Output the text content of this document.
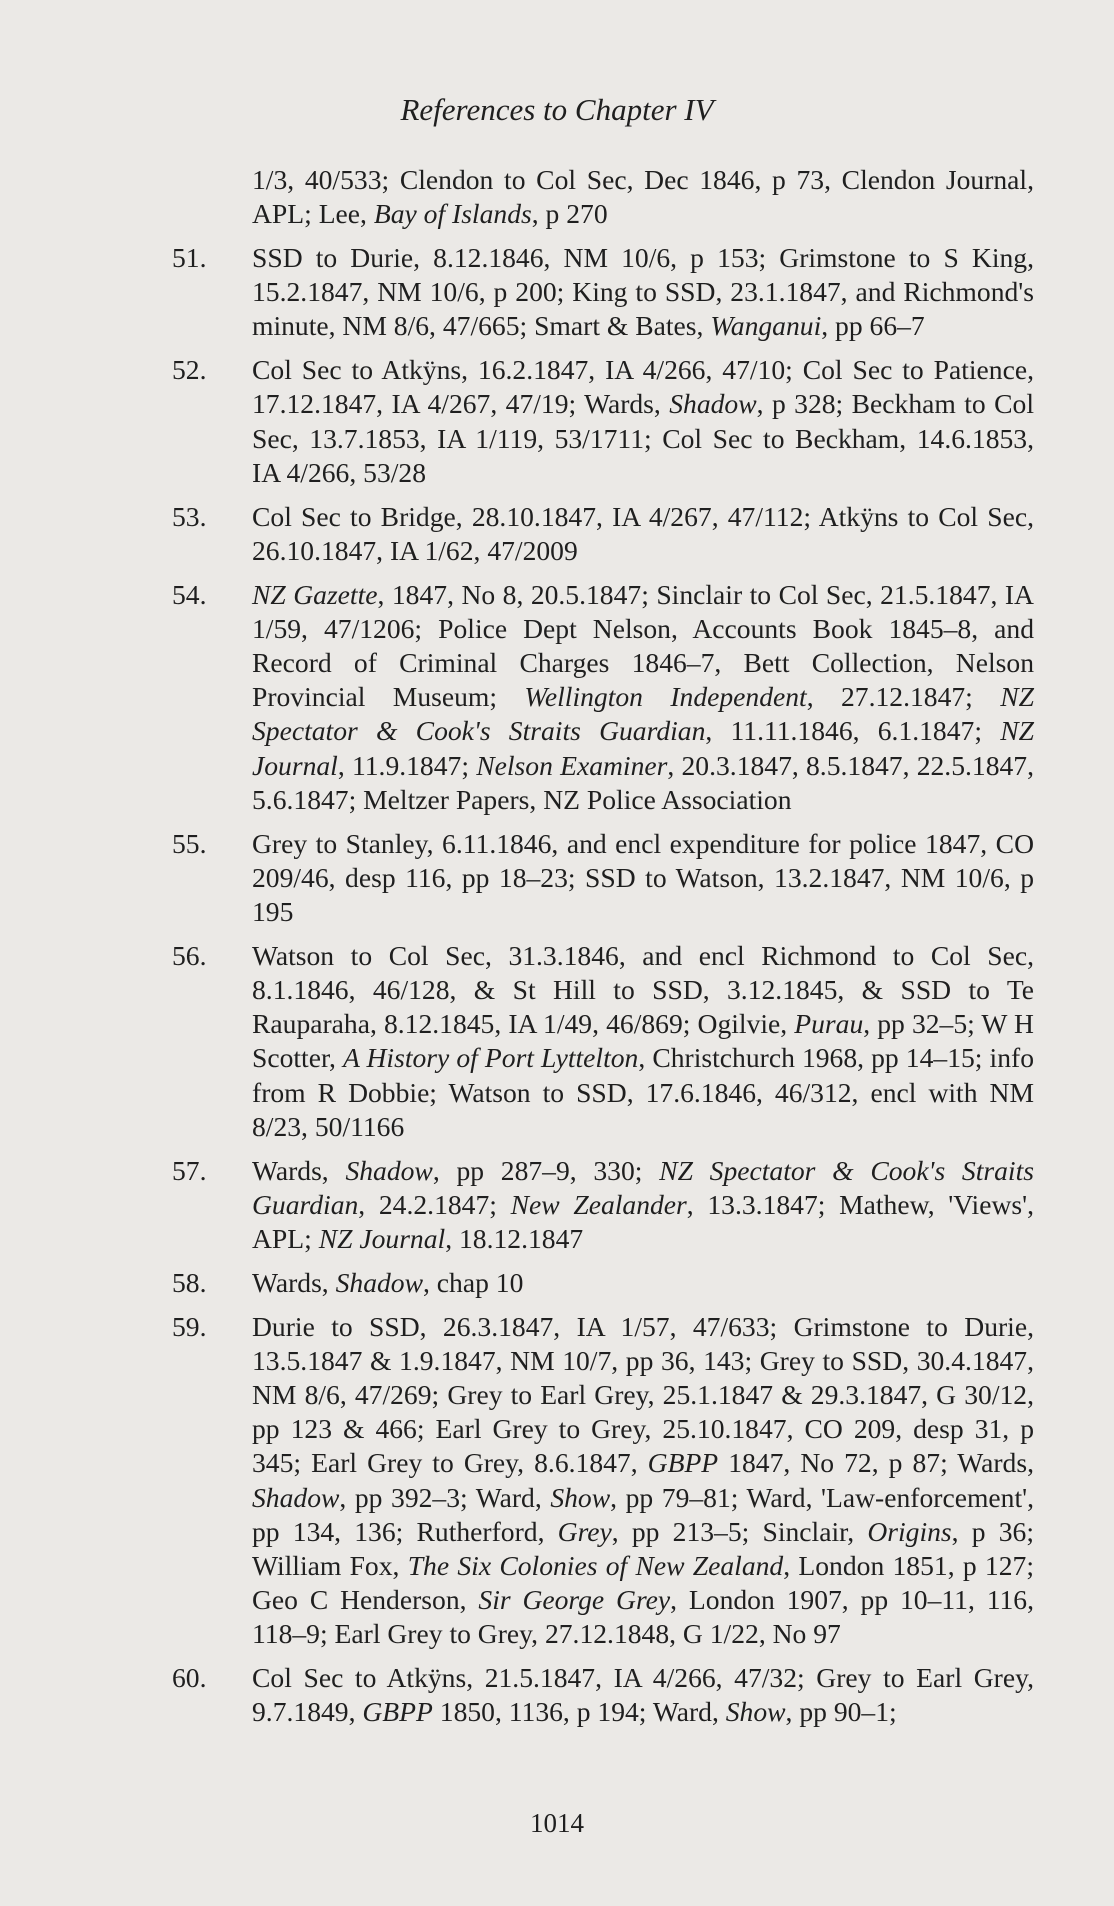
References to Chapter IV
1/3, 40/533; Clendon to Col Sec, Dec 1846, p 73, Clendon Journal, APL; Lee, Bay of Islands, p 270
51.	SSD to Durie, 8.12.1846, NM 10/6, p 153; Grimstone to S King, 15.2.1847, NM 10/6, p 200; King to SSD, 23.1.1847, and Richmond's minute, NM 8/6, 47/665; Smart & Bates, Wanganui, pp 66–7
52.	Col Sec to Atkÿns, 16.2.1847, IA 4/266, 47/10; Col Sec to Patience, 17.12.1847, IA 4/267, 47/19; Wards, Shadow, p 328; Beckham to Col Sec, 13.7.1853, IA 1/119, 53/1711; Col Sec to Beckham, 14.6.1853, IA 4/266, 53/28
53.	Col Sec to Bridge, 28.10.1847, IA 4/267, 47/112; Atkÿns to Col Sec, 26.10.1847, IA 1/62, 47/2009
54.	NZ Gazette, 1847, No 8, 20.5.1847; Sinclair to Col Sec, 21.5.1847, IA 1/59, 47/1206; Police Dept Nelson, Accounts Book 1845–8, and Record of Criminal Charges 1846–7, Bett Collection, Nelson Provincial Museum; Wellington Independent, 27.12.1847; NZ Spectator & Cook's Straits Guardian, 11.11.1846, 6.1.1847; NZ Journal, 11.9.1847; Nelson Examiner, 20.3.1847, 8.5.1847, 22.5.1847, 5.6.1847; Meltzer Papers, NZ Police Association
55.	Grey to Stanley, 6.11.1846, and encl expenditure for police 1847, CO 209/46, desp 116, pp 18–23; SSD to Watson, 13.2.1847, NM 10/6, p 195
56.	Watson to Col Sec, 31.3.1846, and encl Richmond to Col Sec, 8.1.1846, 46/128, & St Hill to SSD, 3.12.1845, & SSD to Te Rauparaha, 8.12.1845, IA 1/49, 46/869; Ogilvie, Purau, pp 32–5; W H Scotter, A History of Port Lyttelton, Christchurch 1968, pp 14–15; info from R Dobbie; Watson to SSD, 17.6.1846, 46/312, encl with NM 8/23, 50/1166
57.	Wards, Shadow, pp 287–9, 330; NZ Spectator & Cook's Straits Guardian, 24.2.1847; New Zealander, 13.3.1847; Mathew, 'Views', APL; NZ Journal, 18.12.1847
58.	Wards, Shadow, chap 10
59.	Durie to SSD, 26.3.1847, IA 1/57, 47/633; Grimstone to Durie, 13.5.1847 & 1.9.1847, NM 10/7, pp 36, 143; Grey to SSD, 30.4.1847, NM 8/6, 47/269; Grey to Earl Grey, 25.1.1847 & 29.3.1847, G 30/12, pp 123 & 466; Earl Grey to Grey, 25.10.1847, CO 209, desp 31, p 345; Earl Grey to Grey, 8.6.1847, GBPP 1847, No 72, p 87; Wards, Shadow, pp 392–3; Ward, Show, pp 79–81; Ward, 'Law-enforcement', pp 134, 136; Rutherford, Grey, pp 213–5; Sinclair, Origins, p 36; William Fox, The Six Colonies of New Zealand, London 1851, p 127; Geo C Henderson, Sir George Grey, London 1907, pp 10–11, 116, 118–9; Earl Grey to Grey, 27.12.1848, G 1/22, No 97
60.	Col Sec to Atkÿns, 21.5.1847, IA 4/266, 47/32; Grey to Earl Grey, 9.7.1849, GBPP 1850, 1136, p 194; Ward, Show, pp 90–1;
1014
